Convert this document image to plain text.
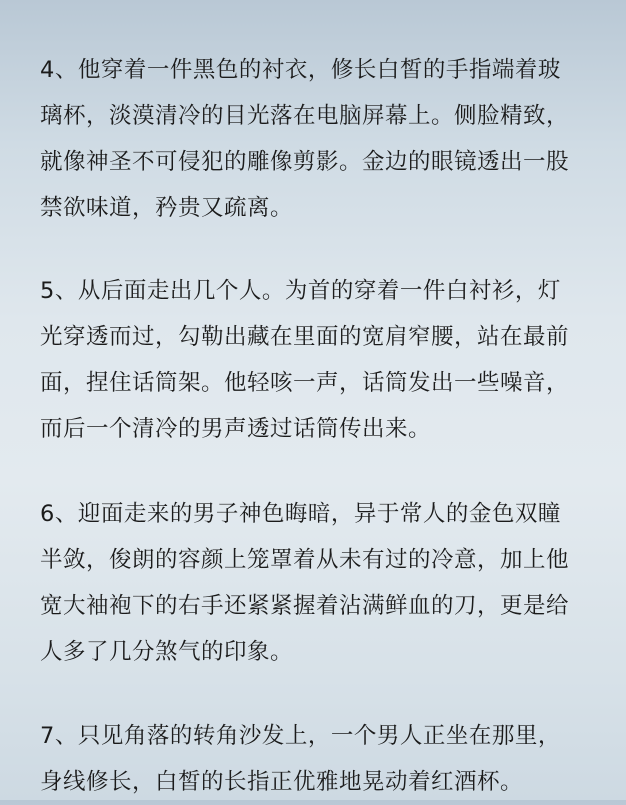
4、他穿着一件黑色的衬衣，修长白皙的手指端着玻
璃杯，淡漠清冷的目光落在电脑屏幕上。侧脸精致，
就像神圣不可侵犯的雕像剪影。金边的眼镜透出一股
禁欲味道，矜贵又疏离。
5、从后面走出几个人。为首的穿着一件白衬衫，灯
光穿透而过，勾勒出藏在里面的宽肩窄腰，站在最前
面，捏住话筒架。他轻咳一声，话筒发出一些噪音，
而后一个清冷的男声透过话筒传出来。
6、迎面走来的男子神色晦暗，异于常人的金色双瞳
半敛，俊朗的容颜上笼罩着从未有过的冷意，加上他
宽大袖袍下的右手还紧紧握着沾满鲜血的刀，更是给
人多了几分煞气的印象。
7、只见角落的转角沙发上，一个男人正坐在那里，
身线修长，白皙的长指正优雅地晃动着红酒杯。
